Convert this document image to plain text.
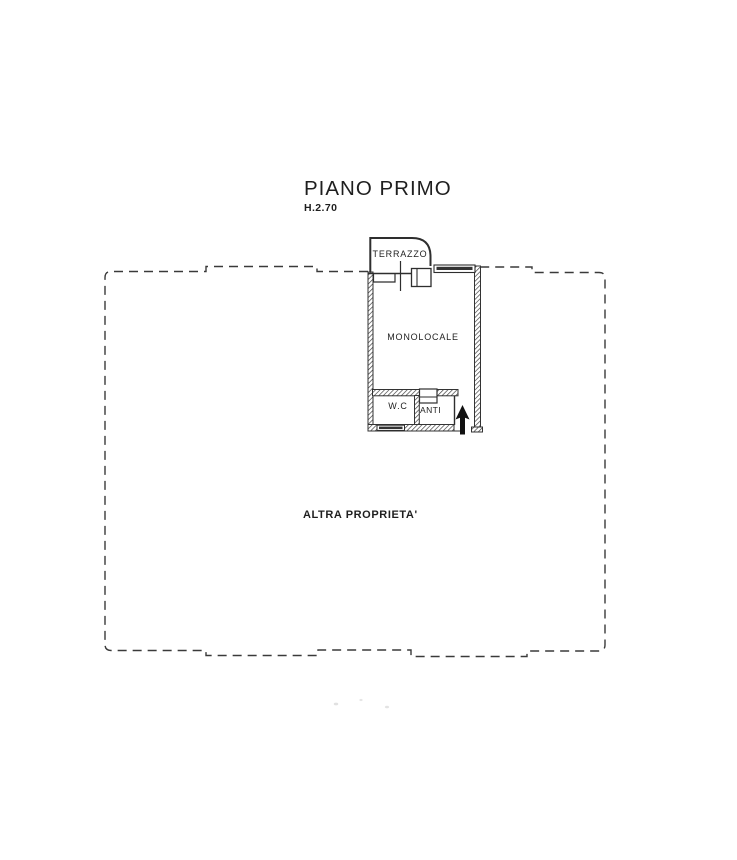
PIANO PRIMO
H.2.70
TERRAZZO
MONOLOCALE
W.C ANTI
ALTRA PROPRIETA'
